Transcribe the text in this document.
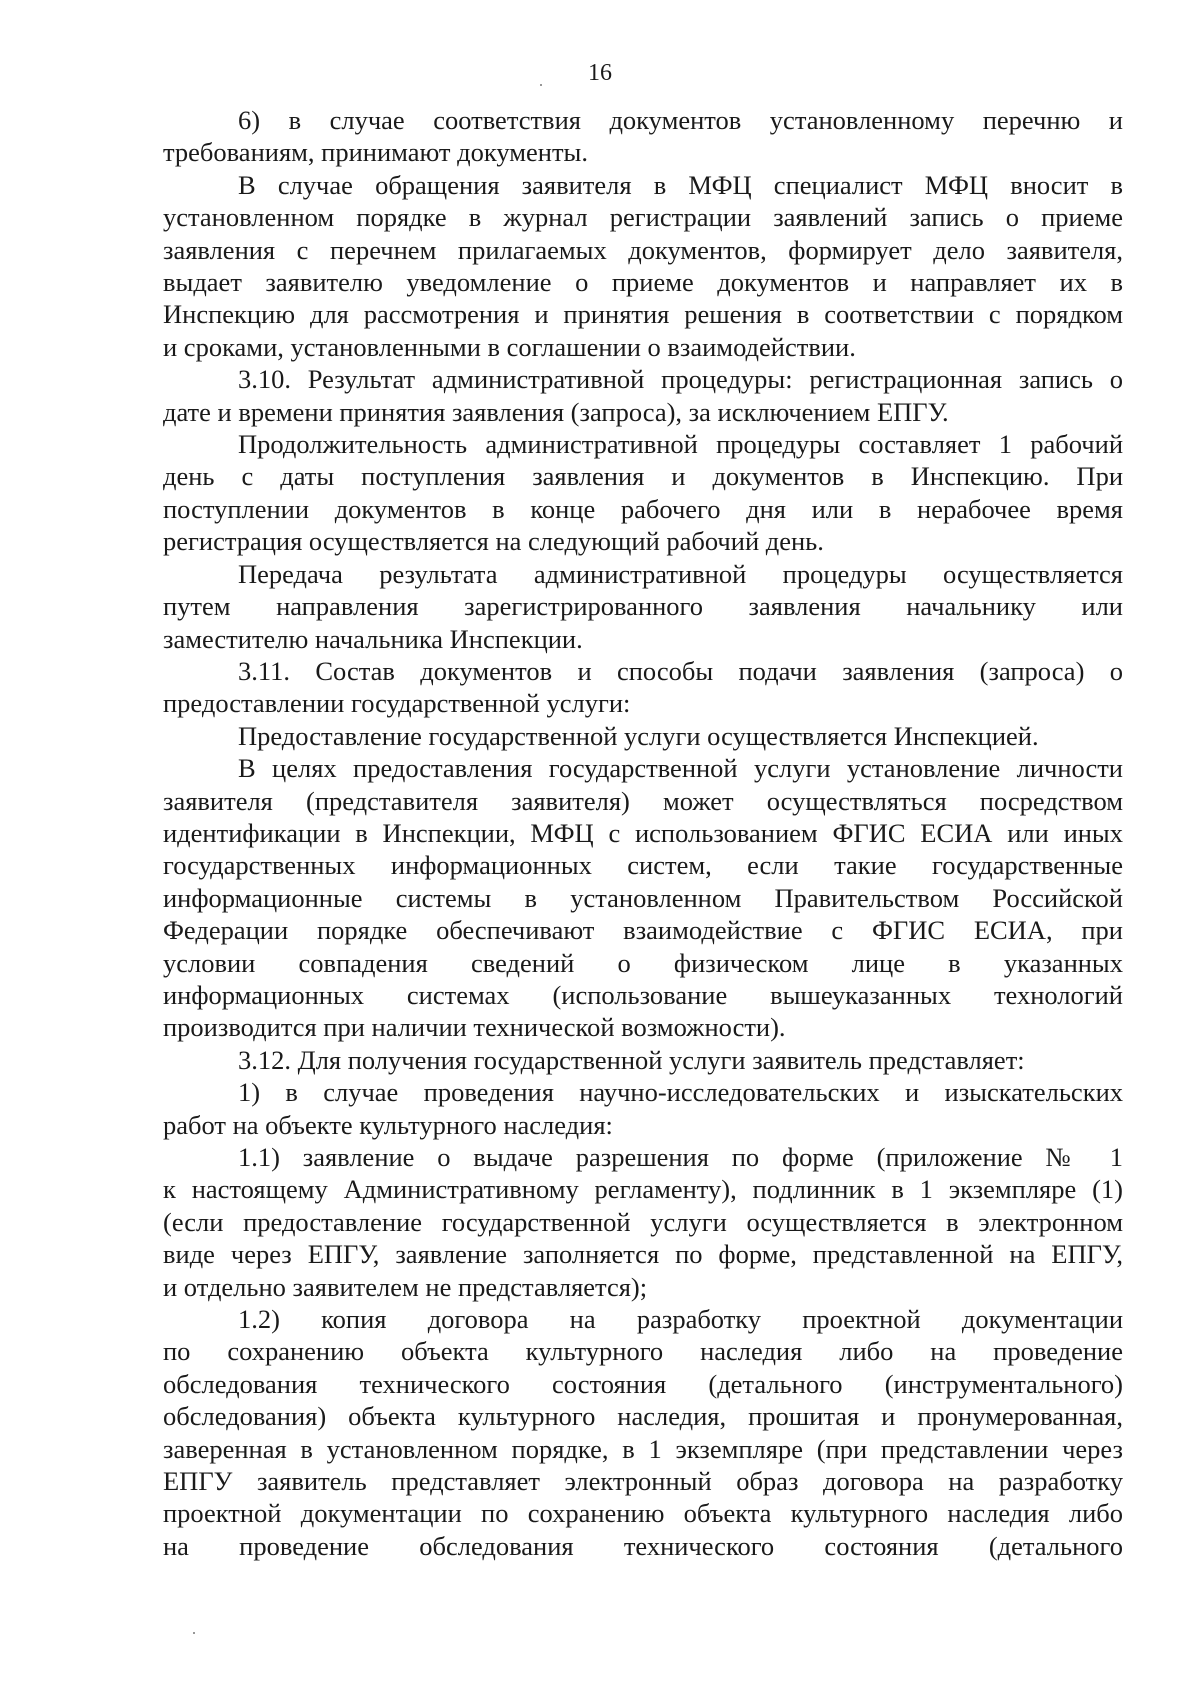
16

6) в случае соответствия документов установленному перечню и
требованиям, принимают документы.

В случае обращения заявителя в МФЦ специалист МФЦ вносит в
установленном порядке в журнал регистрации заявлений запись о приеме
заявления с перечнем прилагаемых документов, формирует дело заявителя,
выдает заявителю уведомление о приеме документов и направляет их в
Инспекцию для рассмотрения и принятия решения в соответствии с порядком
и сроками, установленными в соглашении о взаимодействии.

3.10. Результат административной процедуры: регистрационная запись о
дате и времени принятия заявления (запроса), за исключением ЕПГУ.

Продолжительность административной процедуры составляет 1 рабочий
день с даты поступления заявления и документов в Инспекцию. При
поступлении документов в конце рабочего дня или в нерабочее время
регистрация осуществляется на следующий рабочий день.

Передача результата административной процедуры осуществляется
путем направления зарегистрированного заявления начальнику или
заместителю начальника Инспекции.

3.11. Состав документов и способы подачи заявления (запроса) о
предоставлении государственной услуги:

Предоставление государственной услуги осуществляется Инспекцией.

В целях предоставления государственной услуги установление личности
заявителя (представителя заявителя) может осуществляться посредством
идентификации в Инспекции, МФЦ с использованием ФГИС ЕСИА или иных
государственных информационных систем, если такие государственные
информационные системы в установленном Правительством Российской
Федерации порядке обеспечивают взаимодействие с ФГИС ЕСИА, при
условии совпадения сведений о физическом лице в указанных
информационных системах (использование вышеуказанных технологий
производится при наличии технической возможности).

3.12. Для получения государственной услуги заявитель представляет:

1) в случае проведения научно-исследовательских и изыскательских
работ на объекте культурного наследия:

1.1) заявление о выдаче разрешения по форме (приложение № 1
к настоящему Административному регламенту), подлинник в 1 экземпляре (1)
(если предоставление государственной услуги осуществляется в электронном
виде через ЕПГУ, заявление заполняется по форме, представленной на ЕПГУ,
и отдельно заявителем не представляется);

1.2) копия договора на разработку проектной документации
по сохранению объекта культурного наследия либо на проведение
обследования технического состояния (детального (инструментального)
обследования) объекта культурного наследия, прошитая и пронумерованная,
заверенная в установленном порядке, в 1 экземпляре (при представлении через
ЕПГУ заявитель представляет электронный образ договора на разработку
проектной документации по сохранению объекта культурного наследия либо
на проведение обследования технического состояния (детального
